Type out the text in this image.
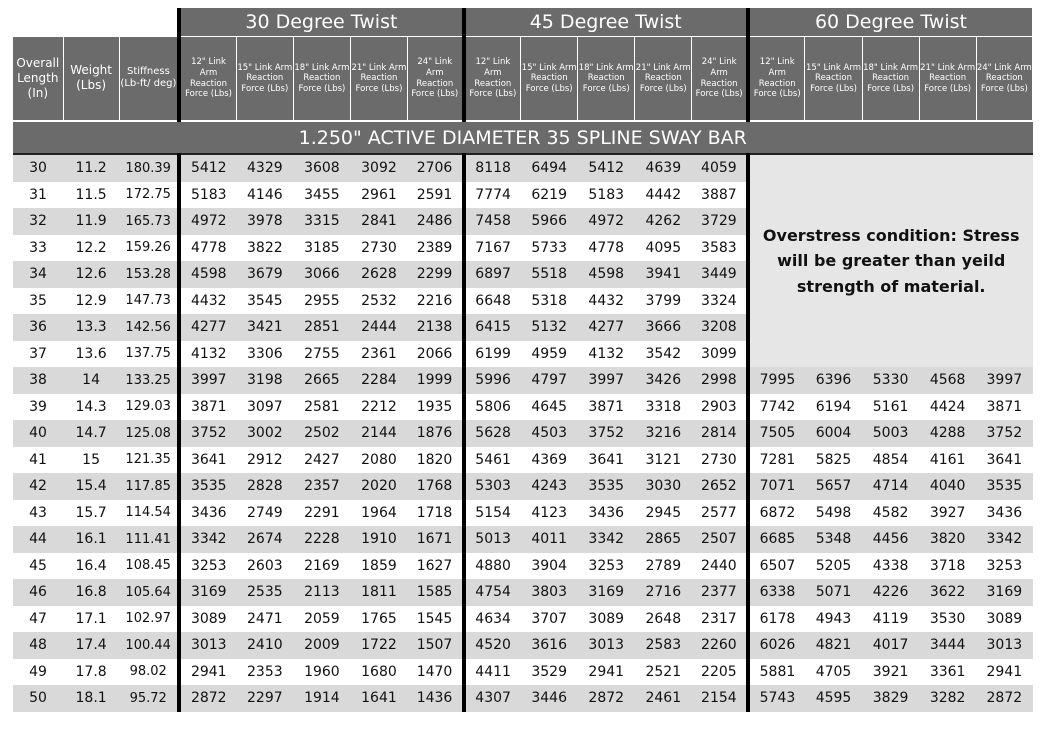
			30 Degree Twist					45 Degree Twist					60 Degree Twist				
Overall Length (In)	Weight (Lbs)	Stiffness (Lb-ft/ deg)	12" Link Arm Reaction Force (Lbs)	15" Link Arm Reaction Force (Lbs)	18" Link Arm Reaction Force (Lbs)	21" Link Arm Reaction Force (Lbs)	24" Link Arm Reaction Force (Lbs)	12" Link Arm Reaction Force (Lbs)	15" Link Arm Reaction Force (Lbs)	18" Link Arm Reaction Force (Lbs)	21" Link Arm Reaction Force (Lbs)	24" Link Arm Reaction Force (Lbs)	12" Link Arm Reaction Force (Lbs)	15" Link Arm Reaction Force (Lbs)	18" Link Arm Reaction Force (Lbs)	21" Link Arm Reaction Force (Lbs)	24" Link Arm Reaction Force (Lbs)
1.250" ACTIVE DIAMETER 35 SPLINE SWAY BAR																	
30	11.2	180.39	5412	4329	3608	3092	2706	8118	6494	5412	4639	4059	Overstress condition: Stress will be greater than yeild strength of material.				
31	11.5	172.75	5183	4146	3455	2961	2591	7774	6219	5183	4442	3887					
32	11.9	165.73	4972	3978	3315	2841	2486	7458	5966	4972	4262	3729					
33	12.2	159.26	4778	3822	3185	2730	2389	7167	5733	4778	4095	3583					
34	12.6	153.28	4598	3679	3066	2628	2299	6897	5518	4598	3941	3449					
35	12.9	147.73	4432	3545	2955	2532	2216	6648	5318	4432	3799	3324					
36	13.3	142.56	4277	3421	2851	2444	2138	6415	5132	4277	3666	3208					
37	13.6	137.75	4132	3306	2755	2361	2066	6199	4959	4132	3542	3099					
38	14	133.25	3997	3198	2665	2284	1999	5996	4797	3997	3426	2998	7995	6396	5330	4568	3997
39	14.3	129.03	3871	3097	2581	2212	1935	5806	4645	3871	3318	2903	7742	6194	5161	4424	3871
40	14.7	125.08	3752	3002	2502	2144	1876	5628	4503	3752	3216	2814	7505	6004	5003	4288	3752
41	15	121.35	3641	2912	2427	2080	1820	5461	4369	3641	3121	2730	7281	5825	4854	4161	3641
42	15.4	117.85	3535	2828	2357	2020	1768	5303	4243	3535	3030	2652	7071	5657	4714	4040	3535
43	15.7	114.54	3436	2749	2291	1964	1718	5154	4123	3436	2945	2577	6872	5498	4582	3927	3436
44	16.1	111.41	3342	2674	2228	1910	1671	5013	4011	3342	2865	2507	6685	5348	4456	3820	3342
45	16.4	108.45	3253	2603	2169	1859	1627	4880	3904	3253	2789	2440	6507	5205	4338	3718	3253
46	16.8	105.64	3169	2535	2113	1811	1585	4754	3803	3169	2716	2377	6338	5071	4226	3622	3169
47	17.1	102.97	3089	2471	2059	1765	1545	4634	3707	3089	2648	2317	6178	4943	4119	3530	3089
48	17.4	100.44	3013	2410	2009	1722	1507	4520	3616	3013	2583	2260	6026	4821	4017	3444	3013
49	17.8	98.02	2941	2353	1960	1680	1470	4411	3529	2941	2521	2205	5881	4705	3921	3361	2941
50	18.1	95.72	2872	2297	1914	1641	1436	4307	3446	2872	2461	2154	5743	4595	3829	3282	2872
